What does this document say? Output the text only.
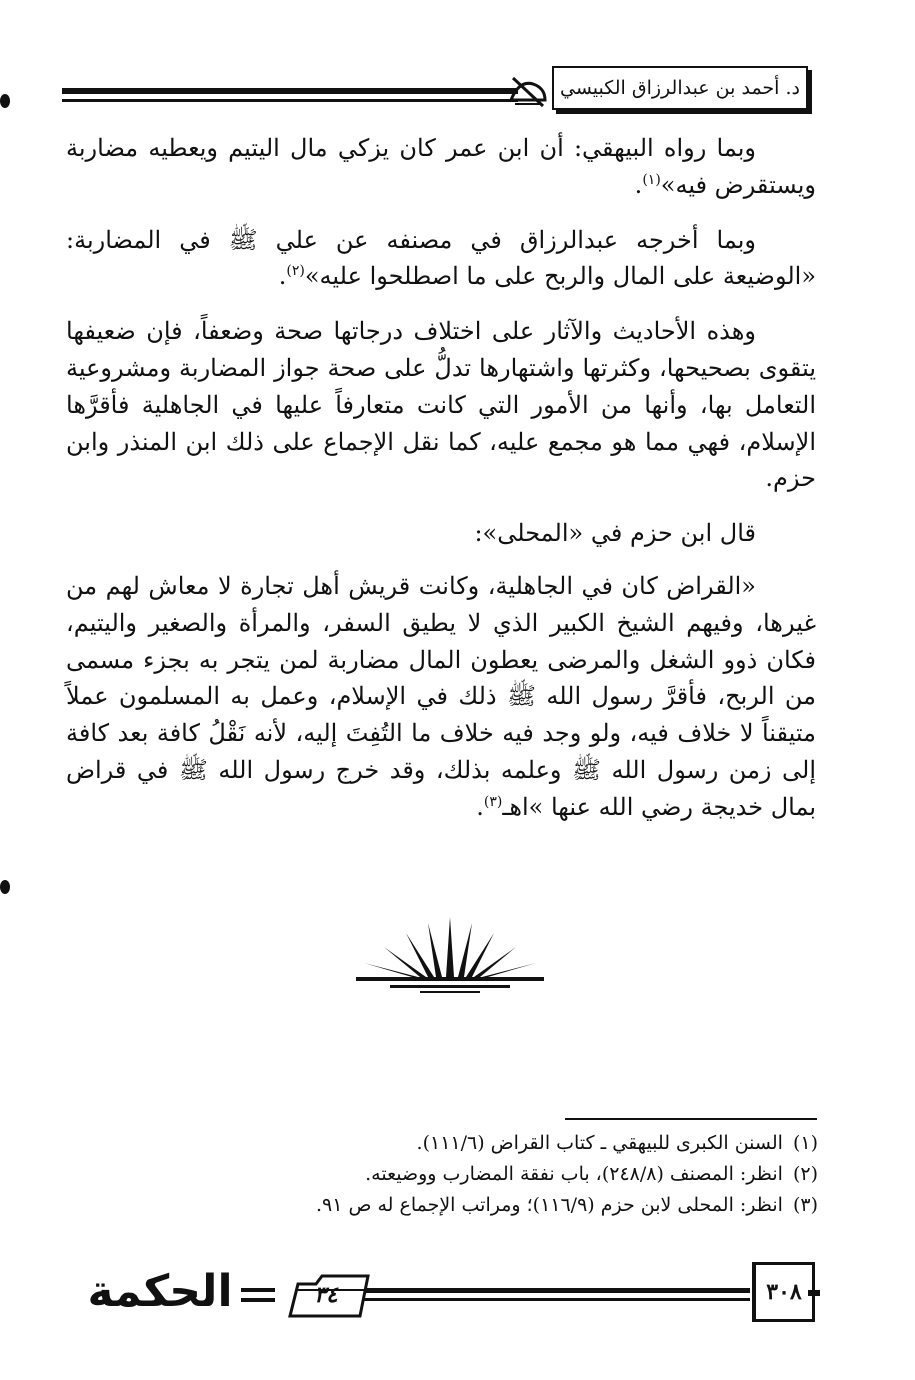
د. أحمد بن عبدالرزاق الكبيسي

وبما رواه البيهقي: أن ابن عمر كان يزكي مال اليتيم ويعطيه مضاربة ويستقرض فيه»$^{(١)}$.

وبما أخرجه عبدالرزاق في مصنفه عن علي ﷺ في المضاربة: «الوضيعة على المال والربح على ما اصطلحوا عليه»$^{(٢)}$.

وهذه الأحاديث والآثار على اختلاف درجاتها صحة وضعفاً، فإن ضعيفها يتقوى بصحيحها، وكثرتها واشتهارها تدلُّ على صحة جواز المضاربة ومشروعية التعامل بها، وأنها من الأمور التي كانت متعارفاً عليها في الجاهلية فأقرَّها الإسلام، فهي مما هو مجمع عليه، كما نقل الإجماع على ذلك ابن المنذر وابن حزم.

قال ابن حزم في «المحلى»:

«القراض كان في الجاهلية، وكانت قريش أهل تجارة لا معاش لهم من غيرها، وفيهم الشيخ الكبير الذي لا يطيق السفر، والمرأة والصغير واليتيم، فكان ذوو الشغل والمرضى يعطون المال مضاربة لمن يتجر به بجزء مسمى من الربح، فأقرَّ رسول الله ﷺ ذلك في الإسلام، وعمل به المسلمون عملاً متيقناً لا خلاف فيه، ولو وجد فيه خلاف ما التُفِتَ إليه، لأنه نَقْلُ كافة بعد كافة إلى زمن رسول الله ﷺ وعلمه بذلك، وقد خرج رسول الله ﷺ في قراض بمال خديجة رضي الله عنها »اهـ$^{(٣)}$.

(١)
السنن الكبرى للبيهقي ـ كتاب القراض (١١١/٦).
(٢)
انظر: المصنف (٢٤٨/٨)، باب نفقة المضارب ووضيعته.
(٣)
انظر: المحلى لابن حزم (١١٦/٩)؛ ومراتب الإجماع له ص ٩١.
٣٠٨
٣٤
الحكمة
